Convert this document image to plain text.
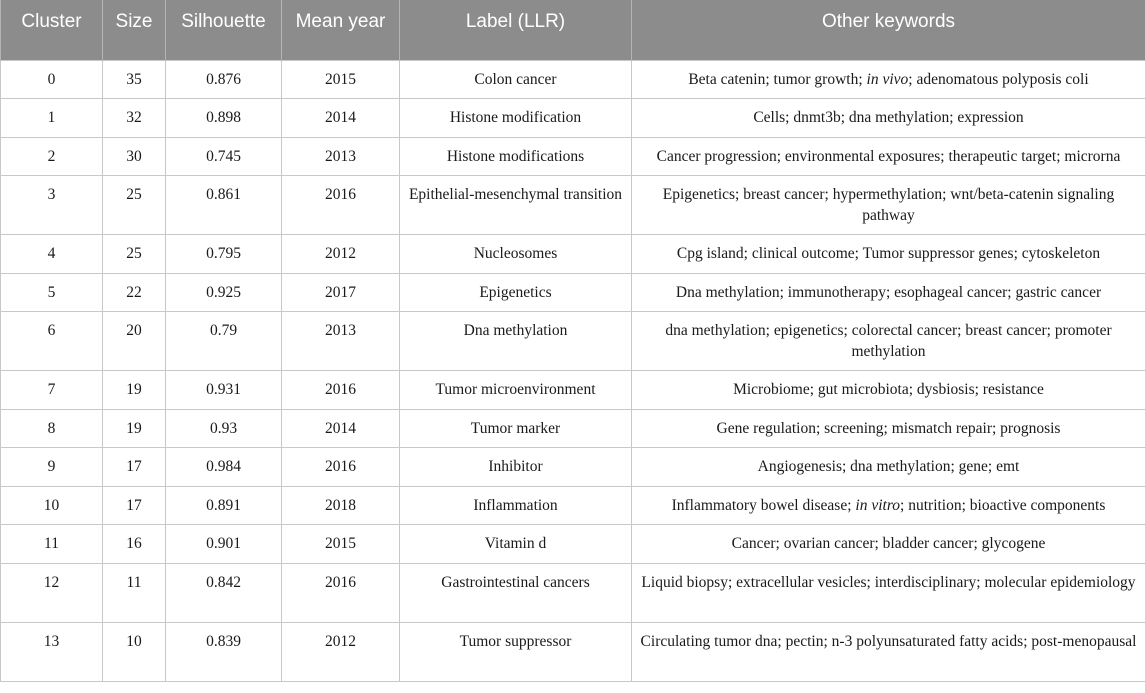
Cluster	Size	Silhouette	Mean year	Label (LLR)	Other keywords
0	35	0.876	2015	Colon cancer	Beta catenin; tumor growth; in vivo; adenomatous polyposis coli
1	32	0.898	2014	Histone modification	Cells; dnmt3b; dna methylation; expression
2	30	0.745	2013	Histone modifications	Cancer progression; environmental exposures; therapeutic target; microrna
3	25	0.861	2016	Epithelial-mesenchymal transition	Epigenetics; breast cancer; hypermethylation; wnt/beta-catenin signaling pathway
4	25	0.795	2012	Nucleosomes	Cpg island; clinical outcome; Tumor suppressor genes; cytoskeleton
5	22	0.925	2017	Epigenetics	Dna methylation; immunotherapy; esophageal cancer; gastric cancer
6	20	0.79	2013	Dna methylation	dna methylation; epigenetics; colorectal cancer; breast cancer; promoter methylation
7	19	0.931	2016	Tumor microenvironment	Microbiome; gut microbiota; dysbiosis; resistance
8	19	0.93	2014	Tumor marker	Gene regulation; screening; mismatch repair; prognosis
9	17	0.984	2016	Inhibitor	Angiogenesis; dna methylation; gene; emt
10	17	0.891	2018	Inflammation	Inflammatory bowel disease; in vitro; nutrition; bioactive components
11	16	0.901	2015	Vitamin d	Cancer; ovarian cancer; bladder cancer; glycogene
12	11	0.842	2016	Gastrointestinal cancers	Liquid biopsy; extracellular vesicles; interdisciplinary; molecular epidemiology
13	10	0.839	2012	Tumor suppressor	Circulating tumor dna; pectin; n-3 polyunsaturated fatty acids; post-menopausal
